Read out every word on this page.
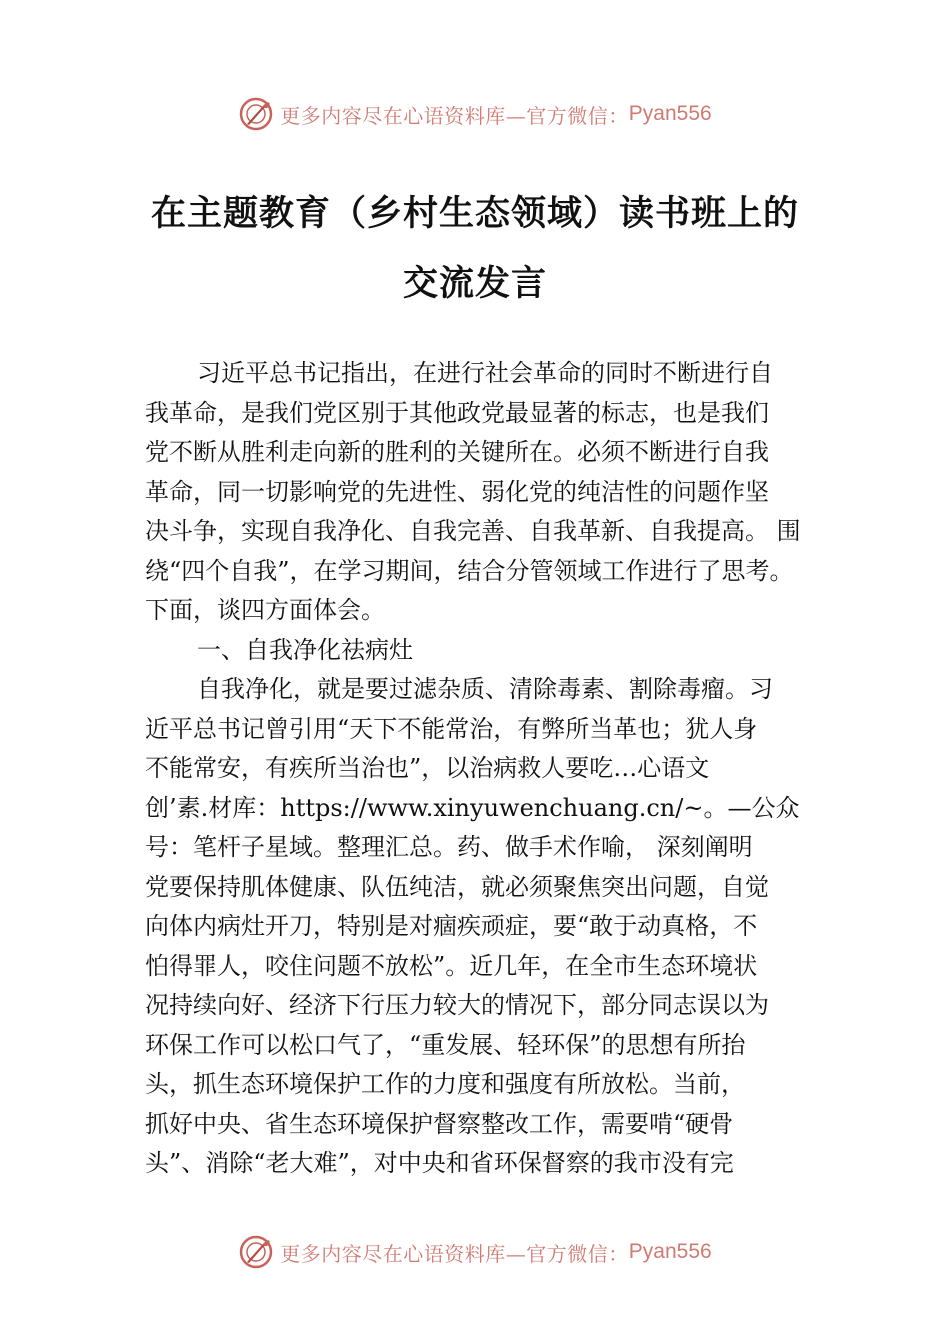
更多内容尽在心语资料库—官方微信： Pyan556
在主题教育（乡村生态领域）读书班上的
交流发言
习近平总书记指出，在进行社会革命的同时不断进行自
我革命，是我们党区别于其他政党最显著的标志，也是我们
党不断从胜利走向新的胜利的关键所在。必须不断进行自我
革命，同一切影响党的先进性、弱化党的纯洁性的问题作坚
决斗争，实现自我净化、自我完善、自我革新、自我提高。 围
绕“四个自我”，在学习期间，结合分管领域工作进行了思考。
下面，谈四方面体会。
一、自我净化祛病灶
自我净化，就是要过滤杂质、清除毒素、割除毒瘤。习
近平总书记曾引用“天下不能常治，有弊所当革也；犹人身
不能常安，有疾所当治也”，以治病救人要吃…心语文
创’素.材库：https://www.xinyuwenchuang.cn/~。—公众
号：笔杆子星域。整理汇总。药、做手术作喻， 深刻阐明
党要保持肌体健康、队伍纯洁，就必须聚焦突出问题，自觉
向体内病灶开刀，特别是对痼疾顽症，要“敢于动真格，不
怕得罪人，咬住问题不放松”。近几年，在全市生态环境状
况持续向好、经济下行压力较大的情况下，部分同志误以为
环保工作可以松口气了，“重发展、轻环保”的思想有所抬
头，抓生态环境保护工作的力度和强度有所放松。当前，
抓好中央、省生态环境保护督察整改工作，需要啃“硬骨
头”、消除“老大难”，对中央和省环保督察的我市没有完
更多内容尽在心语资料库—官方微信： Pyan556
